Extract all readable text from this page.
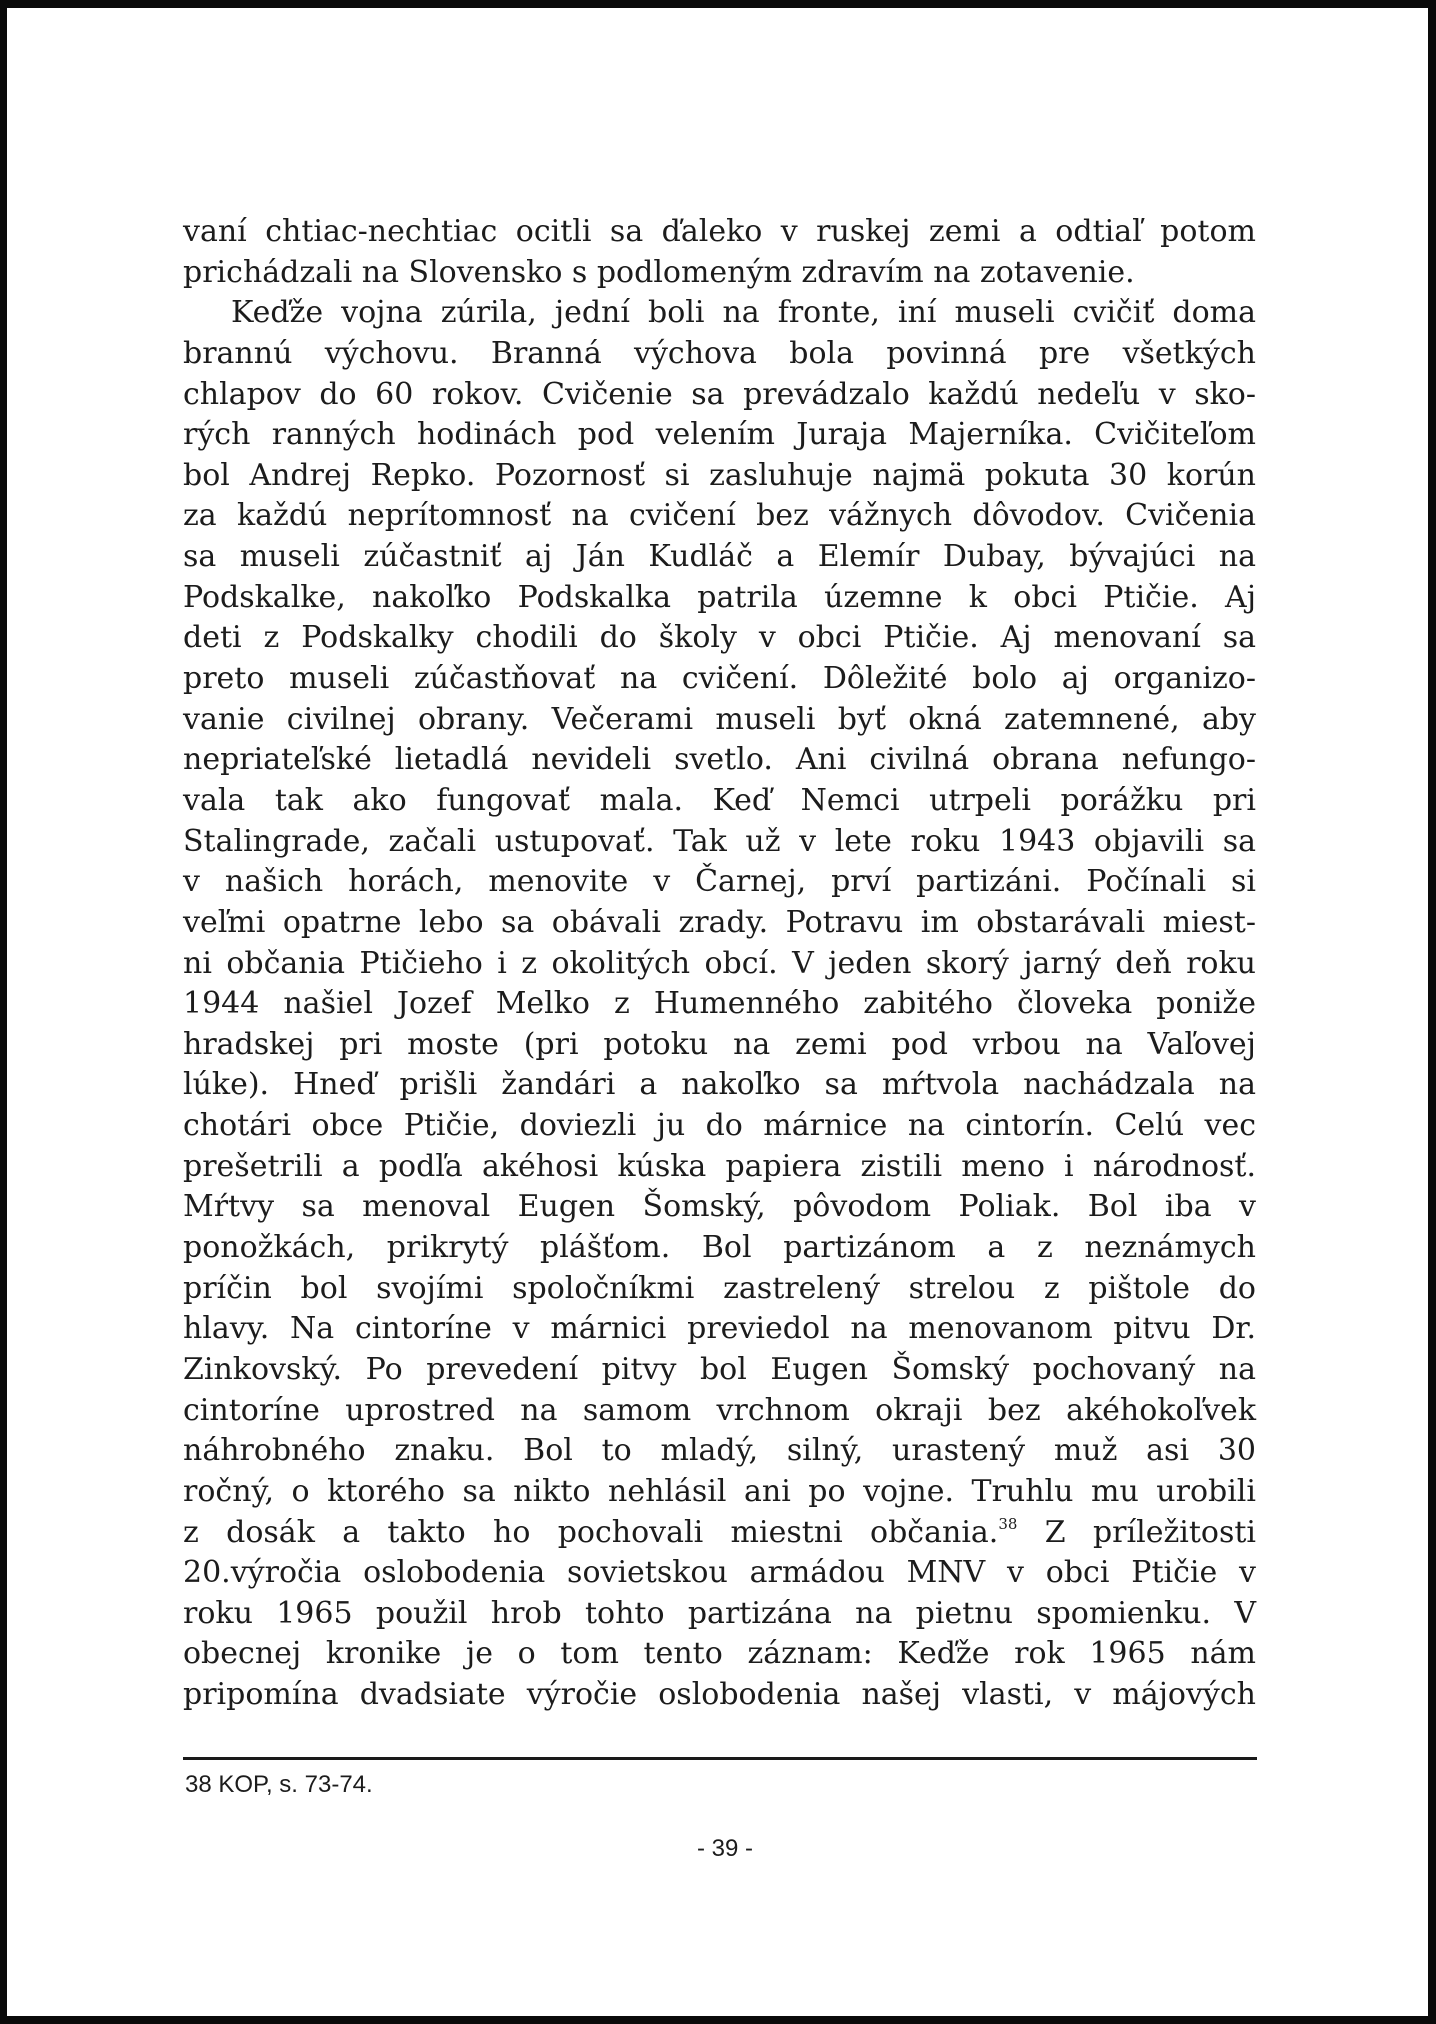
vaní chtiac-nechtiac ocitli sa ďaleko v ruskej zemi a odtiaľ potom
prichádzali na Slovensko s podlomeným zdravím na zotavenie.
Keďže vojna zúrila, jední boli na fronte, iní museli cvičiť doma
brannú výchovu. Branná výchova bola povinná pre všetkých
chlapov do 60 rokov. Cvičenie sa prevádzalo každú nedeľu v sko-
rých ranných hodinách pod velením Juraja Majerníka. Cvičiteľom
bol Andrej Repko. Pozornosť si zasluhuje najmä pokuta 30 korún
za každú neprítomnosť na cvičení bez vážnych dôvodov. Cvičenia
sa museli zúčastniť aj Ján Kudláč a Elemír Dubay, bývajúci na
Podskalke, nakoľko Podskalka patrila územne k obci Ptičie. Aj
deti z Podskalky chodili do školy v obci Ptičie. Aj menovaní sa
preto museli zúčastňovať na cvičení. Dôležité bolo aj organizo-
vanie civilnej obrany. Večerami museli byť okná zatemnené, aby
nepriateľské lietadlá nevideli svetlo. Ani civilná obrana nefungo-
vala tak ako fungovať mala. Keď Nemci utrpeli porážku pri
Stalingrade, začali ustupovať. Tak už v lete roku 1943 objavili sa
v našich horách, menovite v Čarnej, prví partizáni. Počínali si
veľmi opatrne lebo sa obávali zrady. Potravu im obstarávali miest-
ni občania Ptičieho i z okolitých obcí. V jeden skorý jarný deň roku
1944 našiel Jozef Melko z Humenného zabitého človeka poniže
hradskej pri moste (pri potoku na zemi pod vrbou na Vaľovej
lúke). Hneď prišli žandári a nakoľko sa mŕtvola nachádzala na
chotári obce Ptičie, doviezli ju do márnice na cintorín. Celú vec
prešetrili a podľa akéhosi kúska papiera zistili meno i národnosť.
Mŕtvy sa menoval Eugen Šomský, pôvodom Poliak. Bol iba v
ponožkách, prikrytý plášťom. Bol partizánom a z neznámych
príčin bol svojími spoločníkmi zastrelený strelou z pištole do
hlavy. Na cintoríne v márnici previedol na menovanom pitvu Dr.
Zinkovský. Po prevedení pitvy bol Eugen Šomský pochovaný na
cintoríne uprostred na samom vrchnom okraji bez akéhokoľvek
náhrobného znaku. Bol to mladý, silný, urastený muž asi 30
ročný, o ktorého sa nikto nehlásil ani po vojne. Truhlu mu urobili
z dosák a takto ho pochovali miestni občania.$^{38}$ Z príležitosti
20.výročia oslobodenia sovietskou armádou MNV v obci Ptičie v
roku 1965 použil hrob tohto partizána na pietnu spomienku. V
obecnej kronike je o tom tento záznam: Keďže rok 1965 nám
pripomína dvadsiate výročie oslobodenia našej vlasti, v májových
38 KOP, s. 73-74.
- 39 -
